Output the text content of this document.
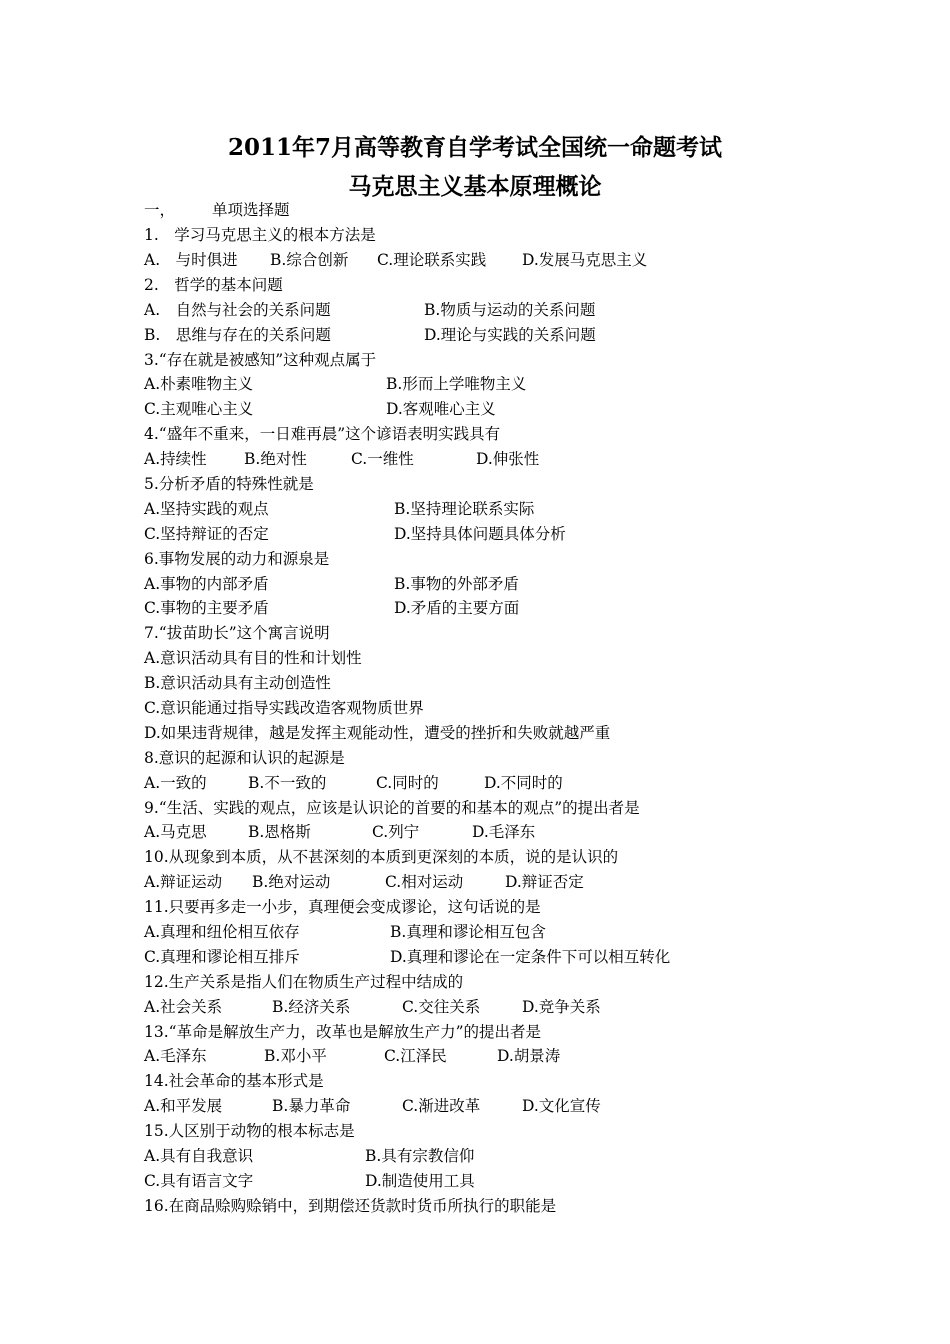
2011年7月高等教育自学考试全国统一命题考试
马克思主义基本原理概论
一， 单项选择题
1.　学习马克思主义的根本方法是
A.　与时俱进 B.综合创新 C.理论联系实践 D.发展马克思主义
2.　哲学的基本问题
A.　自然与社会的关系问题	B.物质与运动的关系问题
B.　思维与存在的关系问题	D.理论与实践的关系问题
3.“存在就是被感知”这种观点属于
A.朴素唯物主义	B.形而上学唯物主义
C.主观唯心主义	D.客观唯心主义
4.“盛年不重来，一日难再晨”这个谚语表明实践具有
A.持续性 B.绝对性	C.一维性	D.伸张性
5.分析矛盾的特殊性就是
A.坚持实践的观点	B.坚持理论联系实际
C.坚持辩证的否定	D.坚持具体问题具体分析
6.事物发展的动力和源泉是
A.事物的内部矛盾	B.事物的外部矛盾
C.事物的主要矛盾	D.矛盾的主要方面
7.“拔苗助长”这个寓言说明
A.意识活动具有目的性和计划性
B.意识活动具有主动创造性
C.意识能通过指导实践改造客观物质世界
D.如果违背规律，越是发挥主观能动性，遭受的挫折和失败就越严重
8.意识的起源和认识的起源是
A.一致的	B.不一致的	C.同时的	D.不同时的
9.“生活、实践的观点，应该是认识论的首要的和基本的观点”的提出者是
A.马克思	B.恩格斯	C.列宁	D.毛泽东
10.从现象到本质，从不甚深刻的本质到更深刻的本质，说的是认识的
A.辩证运动 B.绝对运动	C.相对运动	D.辩证否定
11.只要再多走一小步，真理便会变成谬论，这句话说的是
A.真理和纽伦相互依存	B.真理和谬论相互包含
C.真理和谬论相互排斥	D.真理和谬论在一定条件下可以相互转化
12.生产关系是指人们在物质生产过程中结成的
A.社会关系	B.经济关系	C.交往关系	D.竞争关系
13.“革命是解放生产力，改革也是解放生产力”的提出者是
A.毛泽东	B.邓小平	C.江泽民	D.胡景涛
14.社会革命的基本形式是
A.和平发展	B.暴力革命	C.渐进改革	D.文化宣传
15.人区别于动物的根本标志是
A.具有自我意识	B.具有宗教信仰
C.具有语言文字	D.制造使用工具
16.在商品赊购赊销中，到期偿还货款时货币所执行的职能是
